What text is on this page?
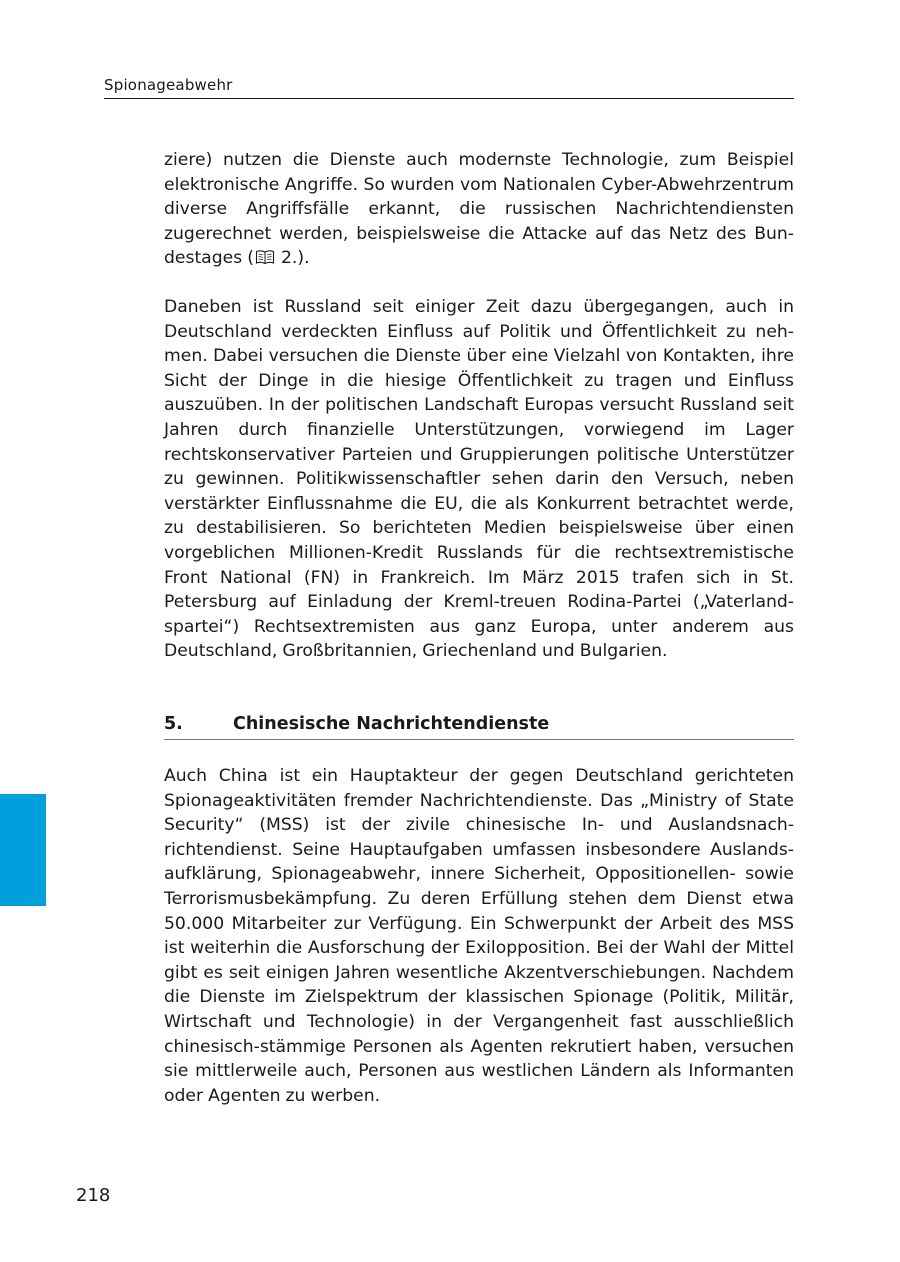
Spionageabwehr

ziere) nutzen die Dienste auch modernste Technologie, zum Beispiel elektronische Angriffe. So wurden vom Nationalen Cyber-Abwehrzentrum diverse Angriffsfälle erkannt, die russischen Nachrichtendiensten zugerechnet werden, beispielsweise die Attacke auf das Netz des Bundestages ( 2.).

Daneben ist Russland seit einiger Zeit dazu übergegangen, auch in Deutschland verdeckten Einfluss auf Politik und Öffentlichkeit zu nehmen. Dabei versuchen die Dienste über eine Vielzahl von Kontakten, ihre Sicht der Dinge in die hiesige Öffentlichkeit zu tragen und Einfluss auszuüben. In der politischen Landschaft Europas versucht Russland seit Jahren durch finanzielle Unterstützungen, vorwiegend im Lager rechtskonservativer Parteien und Gruppierungen politische Unterstützer zu gewinnen. Politikwissenschaftler sehen darin den Versuch, neben verstärkter Einflussnahme die EU, die als Konkurrent betrachtet werde, zu destabilisieren. So berichteten Medien beispielsweise über einen vorgeblichen Millionen-Kredit Russlands für die rechtsextremistische Front National (FN) in Frankreich. Im März 2015 trafen sich in St. Petersburg auf Einladung der Kreml-treuen Rodina-Partei („Vaterlandspartei“) Rechtsextremisten aus ganz Europa, unter anderem aus Deutschland, Großbritannien, Griechenland und Bulgarien.

5.	Chinesische Nachrichtendienste

Auch China ist ein Hauptakteur der gegen Deutschland gerichteten Spionageaktivitäten fremder Nachrichtendienste. Das „Ministry of State Security“ (MSS) ist der zivile chinesische In- und Auslandsnachrichtendienst. Seine Hauptaufgaben umfassen insbesondere Auslandsaufklärung, Spionageabwehr, innere Sicherheit, Oppositionellen- sowie Terrorismusbekämpfung. Zu deren Erfüllung stehen dem Dienst etwa 50.000 Mitarbeiter zur Verfügung. Ein Schwerpunkt der Arbeit des MSS ist weiterhin die Ausforschung der Exilopposition. Bei der Wahl der Mittel gibt es seit einigen Jahren wesentliche Akzentverschiebungen. Nachdem die Dienste im Zielspektrum der klassischen Spionage (Politik, Militär, Wirtschaft und Technologie) in der Vergangenheit fast ausschließlich chinesisch-stämmige Personen als Agenten rekrutiert haben, versuchen sie mittlerweile auch, Personen aus westlichen Ländern als Informanten oder Agenten zu werben.

218
